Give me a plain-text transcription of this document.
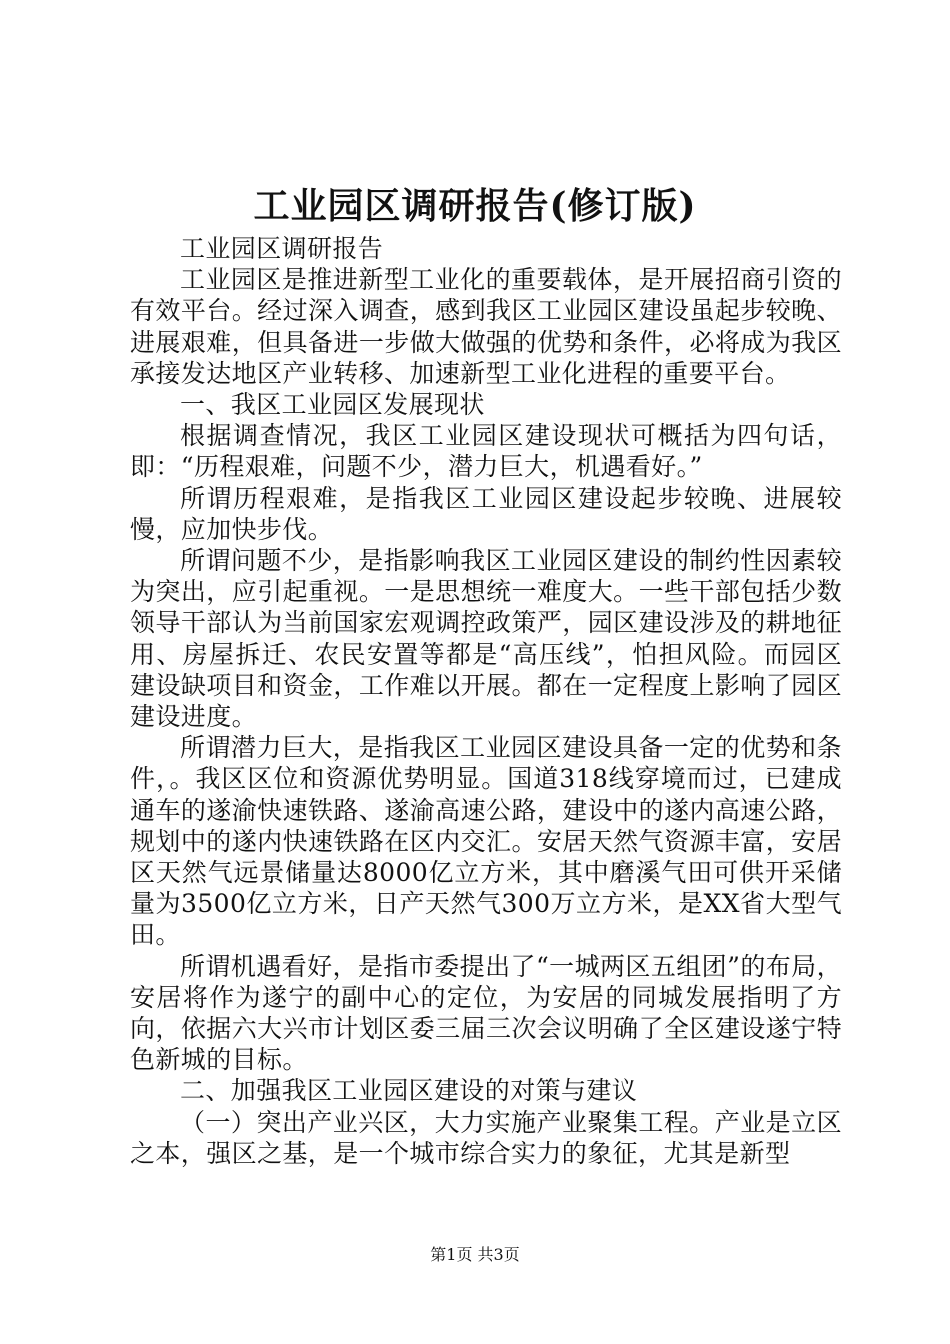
工业园区调研报告(修订版)

工业园区调研报告

工业园区是推进新型工业化的重要载体，是开展招商引资的有效平台。经过深入调查，感到我区工业园区建设虽起步较晚、进展艰难，但具备进一步做大做强的优势和条件，必将成为我区承接发达地区产业转移、加速新型工业化进程的重要平台。

一、我区工业园区发展现状

根据调查情况，我区工业园区建设现状可概括为四句话，即：“历程艰难，问题不少，潜力巨大，机遇看好。”

所谓历程艰难，是指我区工业园区建设起步较晚、进展较慢，应加快步伐。

所谓问题不少，是指影响我区工业园区建设的制约性因素较为突出，应引起重视。一是思想统一难度大。一些干部包括少数领导干部认为当前国家宏观调控政策严，园区建设涉及的耕地征用、房屋拆迁、农民安置等都是“高压线”，怕担风险。而园区建设缺项目和资金，工作难以开展。都在一定程度上影响了园区建设进度。

所谓潜力巨大，是指我区工业园区建设具备一定的优势和条件，。我区区位和资源优势明显。国道318线穿境而过，已建成通车的遂渝快速铁路、遂渝高速公路，建设中的遂内高速公路，规划中的遂内快速铁路在区内交汇。安居天然气资源丰富，安居区天然气远景储量达8000亿立方米，其中磨溪气田可供开采储量为3500亿立方米，日产天然气300万立方米，是XX省大型气田。

所谓机遇看好，是指市委提出了“一城两区五组团”的布局，安居将作为遂宁的副中心的定位，为安居的同城发展指明了方向，依据六大兴市计划区委三届三次会议明确了全区建设遂宁特色新城的目标。

二、加强我区工业园区建设的对策与建议

（一）突出产业兴区，大力实施产业聚集工程。产业是立区之本，强区之基，是一个城市综合实力的象征，尤其是新型

第1页 共3页
